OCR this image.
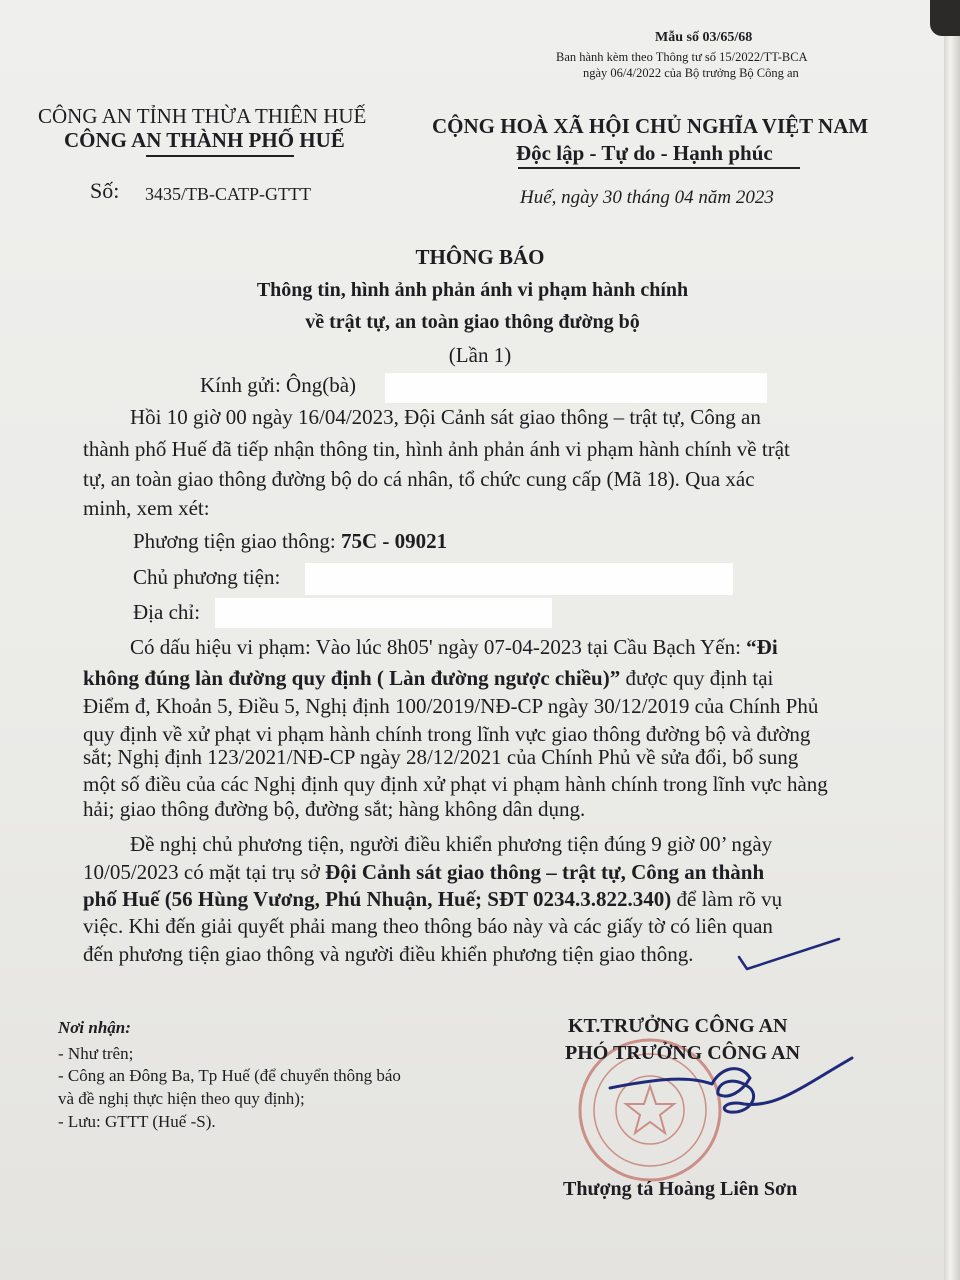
Mẫu số 03/65/68
Ban hành kèm theo Thông tư số 15/2022/TT-BCA
ngày 06/4/2022 của Bộ trưởng Bộ Công an
CÔNG AN TỈNH THỪA THIÊN HUẾ
CÔNG AN THÀNH PHỐ HUẾ
CỘNG HOÀ XÃ HỘI CHỦ NGHĨA VIỆT NAM
Độc lập - Tự do - Hạnh phúc
Số: 3435/TB-CATP-GTTT	Huế, ngày 30 tháng 04 năm 2023
THÔNG BÁO
Thông tin, hình ảnh phản ánh vi phạm hành chính
về trật tự, an toàn giao thông đường bộ
(Lần 1)
Kính gửi: Ông(bà)
Hồi 10 giờ 00 ngày 16/04/2023, Đội Cảnh sát giao thông – trật tự, Công an
thành phố Huế đã tiếp nhận thông tin, hình ảnh phản ánh vi phạm hành chính về trật
tự, an toàn giao thông đường bộ do cá nhân, tổ chức cung cấp (Mã 18). Qua xác
minh, xem xét:
Phương tiện giao thông: 75C - 09021
Chủ phương tiện:
Địa chỉ:
Có dấu hiệu vi phạm: Vào lúc 8h05' ngày 07-04-2023 tại Cầu Bạch Yến: “Đi
không đúng làn đường quy định ( Làn đường ngược chiều)” được quy định tại
Điểm đ, Khoản 5, Điều 5, Nghị định 100/2019/NĐ-CP ngày 30/12/2019 của Chính Phủ
quy định về xử phạt vi phạm hành chính trong lĩnh vực giao thông đường bộ và đường
sắt; Nghị định 123/2021/NĐ-CP ngày 28/12/2021 của Chính Phủ về sửa đổi, bổ sung
một số điều của các Nghị định quy định xử phạt vi phạm hành chính trong lĩnh vực hàng
hải; giao thông đường bộ, đường sắt; hàng không dân dụng.
Đề nghị chủ phương tiện, người điều khiển phương tiện đúng 9 giờ 00’ ngày
10/05/2023 có mặt tại trụ sở Đội Cảnh sát giao thông – trật tự, Công an thành
phố Huế (56 Hùng Vương, Phú Nhuận, Huế; SĐT 0234.3.822.340) để làm rõ vụ
việc. Khi đến giải quyết phải mang theo thông báo này và các giấy tờ có liên quan
đến phương tiện giao thông và người điều khiển phương tiện giao thông.
Nơi nhận:
- Như trên;
- Công an Đông Ba, Tp Huế (để chuyển thông báo
và đề nghị thực hiện theo quy định);
- Lưu: GTTT (Huế -S).
KT.TRƯỞNG CÔNG AN
PHÓ TRƯỞNG CÔNG AN
Thượng tá Hoàng Liên Sơn
